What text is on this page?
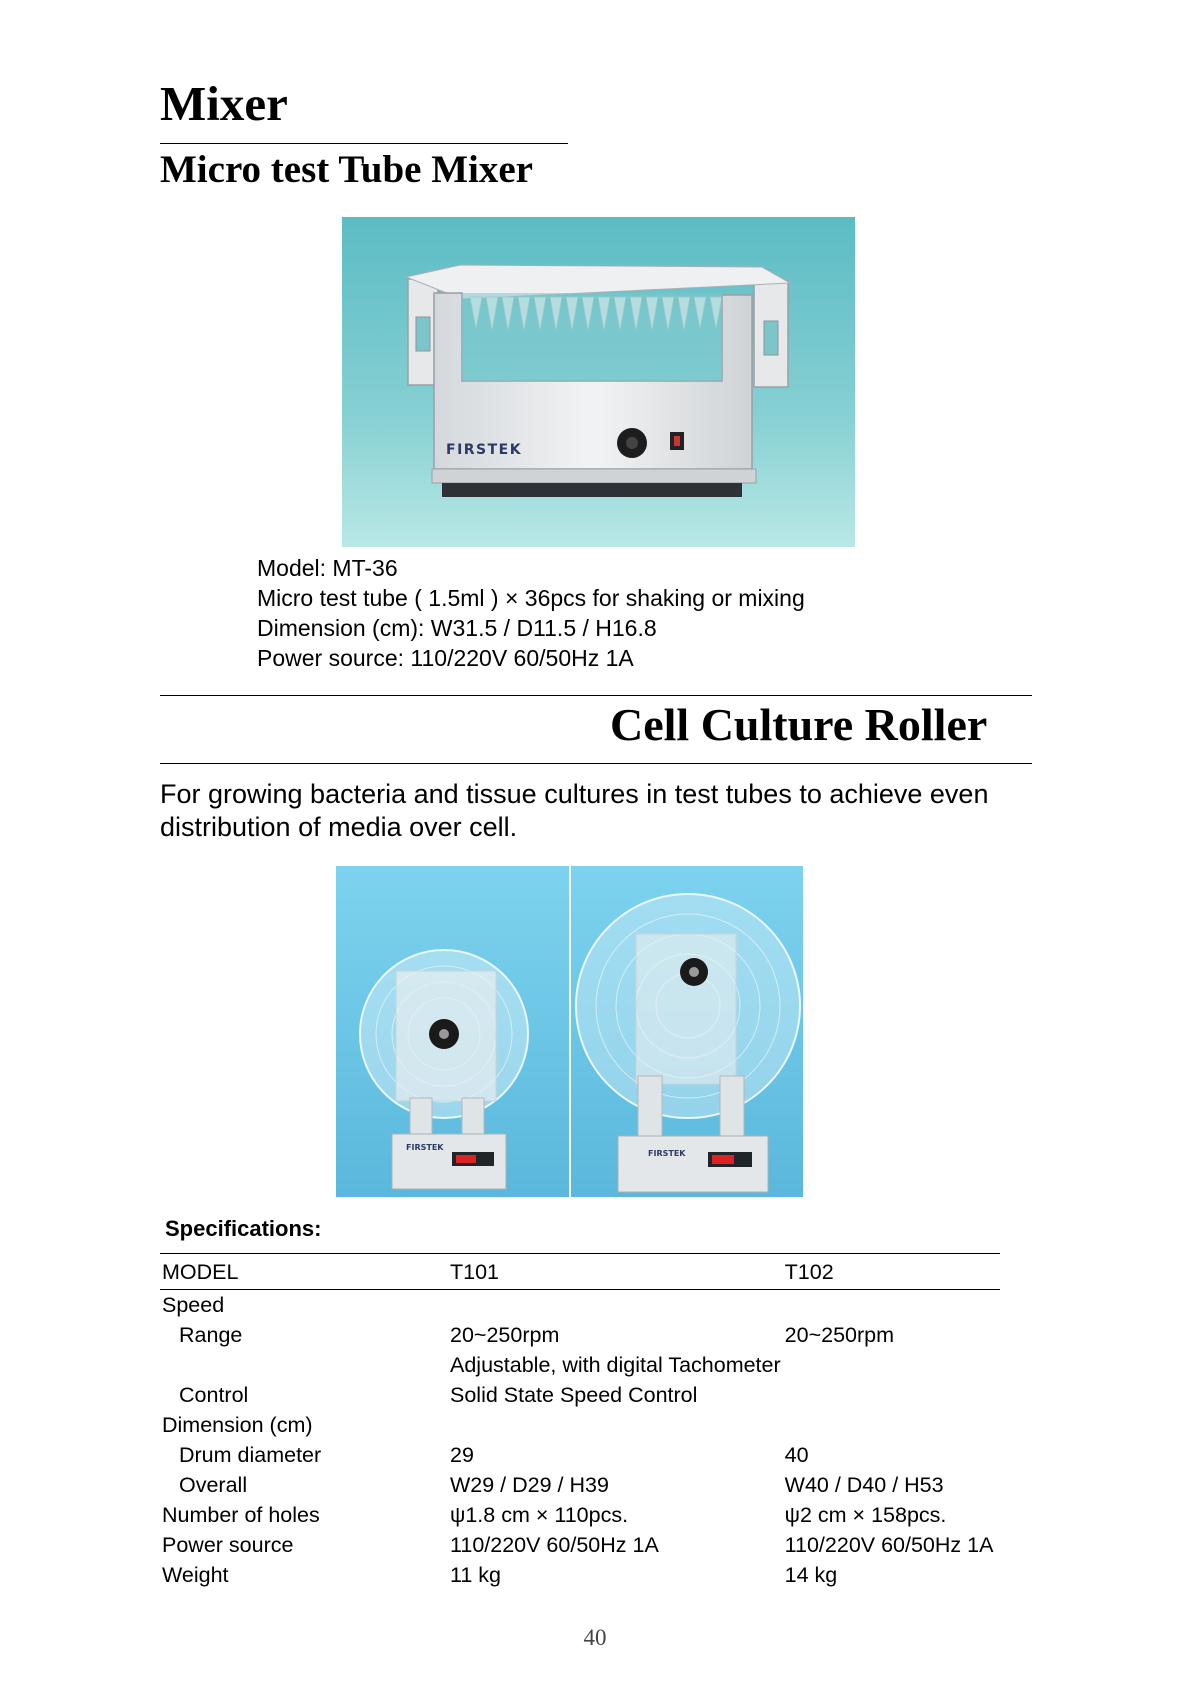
Mixer
Micro test Tube Mixer
FIRSTEK
Model: MT-36
Micro test tube ( 1.5ml ) × 36pcs for shaking or mixing
Dimension (cm): W31.5 / D11.5 / H16.8
Power source: 110/220V 60/50Hz 1A
Cell Culture Roller
For growing bacteria and tissue cultures in test tubes to achieve even distribution of media over cell.
FIRSTEK
FIRSTEK
Specifications:
MODEL	T101	T102
Speed		
Range	20~250rpm	20~250rpm
	Adjustable, with digital Tachometer	
Control	Solid State Speed Control	
Dimension (cm)		
Drum diameter	29	40
Overall	W29 / D29 / H39	W40 / D40 / H53
Number of holes	ψ1.8 cm × 110pcs.	ψ2 cm × 158pcs.
Power source	110/220V 60/50Hz 1A	110/220V 60/50Hz 1A
Weight	11 kg	14 kg
40
